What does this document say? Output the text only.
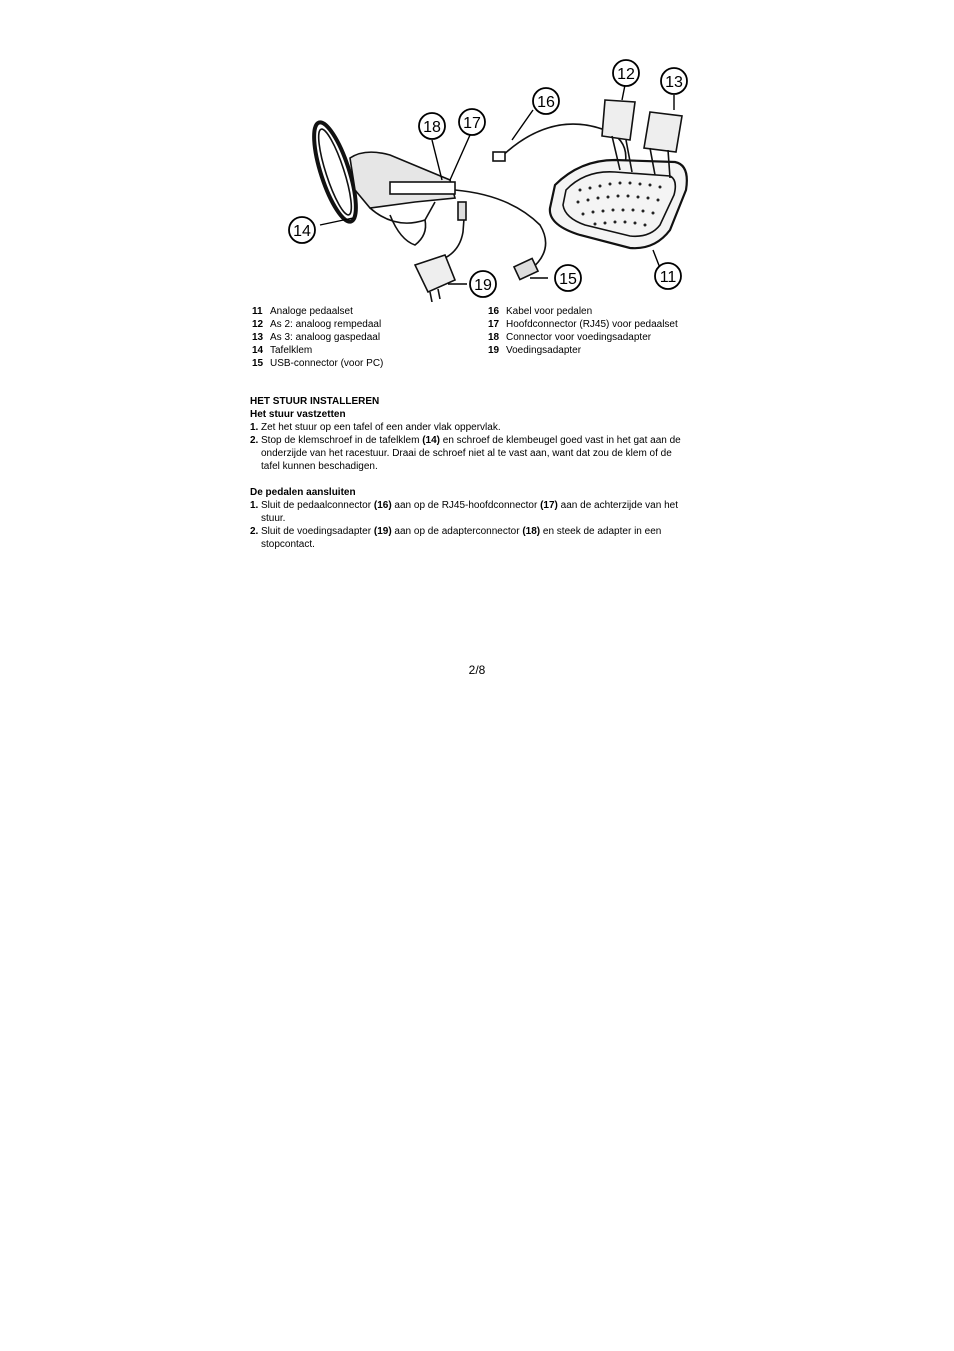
14
18 17
16
12 13
11
19	15
11 Analoge pedaalset
12 As 2: analoog rempedaal
13 As 3: analoog gaspedaal
14 Tafelklem
15 USB-connector (voor PC)
16 Kabel voor pedalen
17 Hoofdconnector (RJ45) voor pedaalset
18 Connector voor voedingsadapter
19 Voedingsadapter
HET STUUR INSTALLEREN
Het stuur vastzetten
1. Zet het stuur op een tafel of een ander vlak oppervlak.
2. Stop de klemschroef in de tafelklem (14) en schroef de klembeugel goed vast in het gat aan de onderzijde van het racestuur. Draai de schroef niet al te vast aan, want dat zou de klem of de tafel kunnen beschadigen.
De pedalen aansluiten
1. Sluit de pedaalconnector (16) aan op de RJ45-hoofdconnector (17) aan de achterzijde van het stuur.
2. Sluit de voedingsadapter (19) aan op de adapterconnector (18) en steek de adapter in een stopcontact.
2/8
